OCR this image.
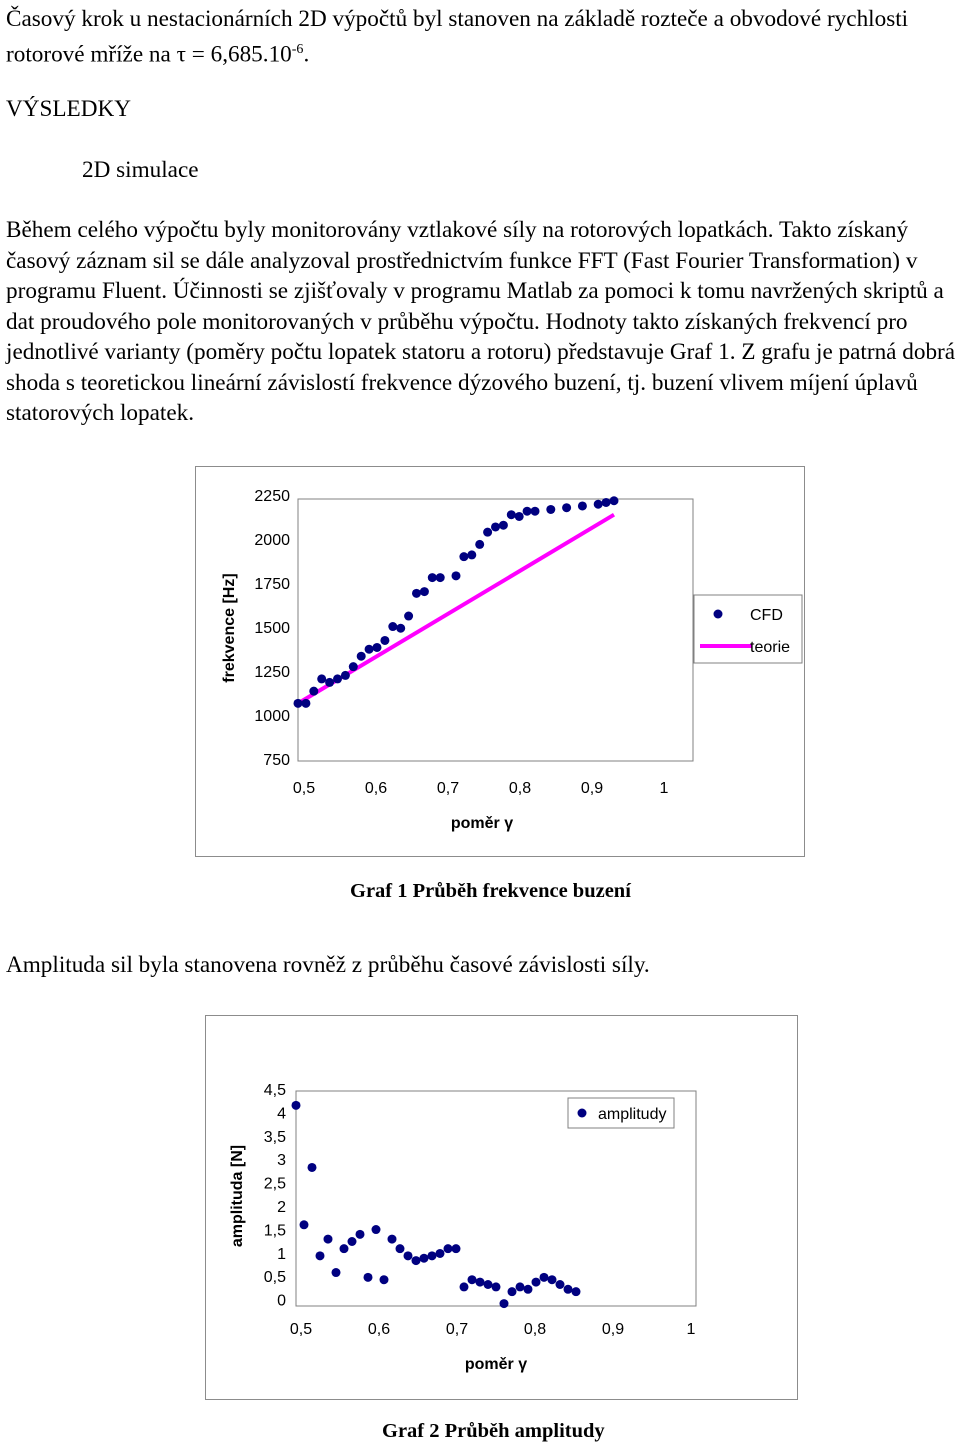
Časový krok u nestacionárních 2D výpočtů byl stanoven na základě rozteče a obvodové rychlosti rotorové mříže na $\tau = 6,685.10^{-6}$.

VÝSLEDKY
2D simulace

Během celého výpočtu byly monitorovány vztlakové síly na rotorových lopatkách. Takto získaný časový záznam sil se dále analyzoval prostřednictvím funkce FFT (Fast Fourier Transformation) v programu Fluent. Účinnosti se zjišťovaly v programu Matlab za pomoci k tomu navržených skriptů a dat proudového pole monitorovaných v průběhu výpočtu. Hodnoty takto získaných frekvencí pro jednotlivé varianty (poměry počtu lopatek statoru a rotoru) představuje Graf 1. Z grafu je patrná dobrá shoda s teoretickou lineární závislostí frekvence dýzového buzení, tj. buzení vlivem míjení úplavů statorových lopatek.

750
1000
1250
1500
1750
2000
2250
0,5	0,6	0,7	0,8	0,9	1
poměr γ
frekvence [Hz]	CFD
teorie
Graf 1 Průběh frekvence buzení

Amplituda sil byla stanovena rovněž z průběhu časové závislosti síly.

0
0,5
1
1,5
2
2,5
3
3,5
4
4,5
0,5	0,6	0,7	0,8	0,9	1
poměr γ
amplituda [N]
amplitudy
Graf 2 Průběh amplitudy
